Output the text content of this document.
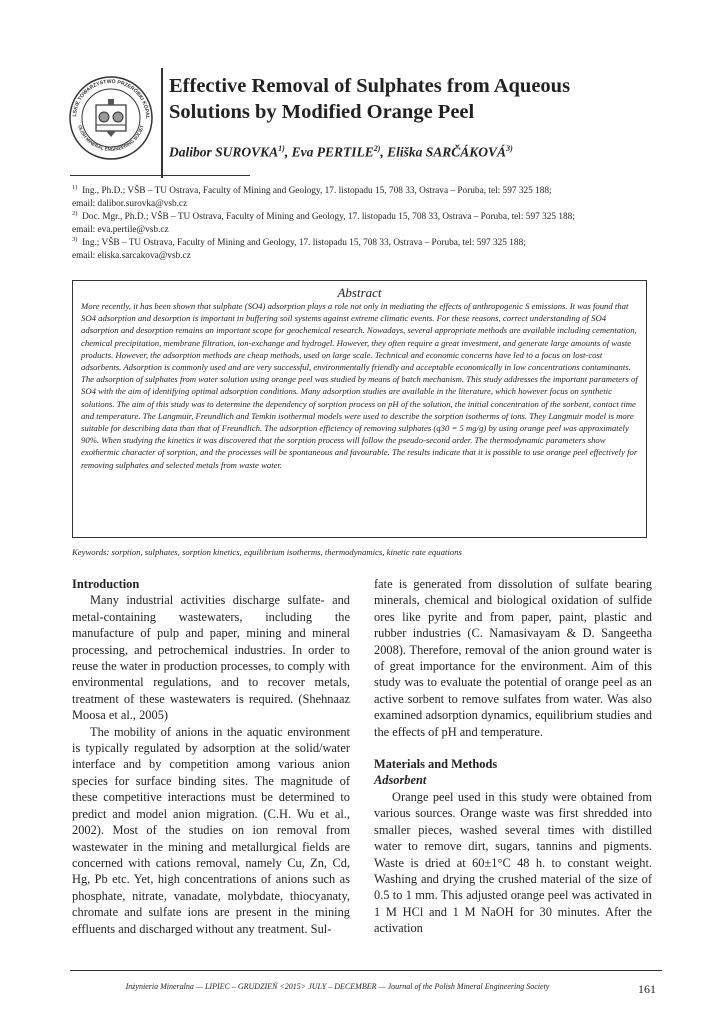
LSKIE TOWARZYSTWO PRZERÓBKI KOPAL
OLISH MINERAL ENGINEERING SOCIET
Effective Removal of Sulphates from Aqueous
Solutions by Modified Orange Peel
Dalibor SUROVKA$^{1)}$, Eva PERTILE$^{2)}$, Eliška SARČÁKOVÁ$^{3)}$
$^{1)}$ Ing., Ph.D.; VŠB – TU Ostrava, Faculty of Mining and Geology, 17. listopadu 15, 708 33, Ostrava – Poruba, tel: 597 325 188;
email: dalibor.surovka@vsb.cz
$^{2)}$ Doc. Mgr., Ph.D.; VŠB – TU Ostrava, Faculty of Mining and Geology, 17. listopadu 15, 708 33, Ostrava – Poruba, tel: 597 325 188;
email: eva.pertile@vsb.cz
$^{3)}$ Ing.; VŠB – TU Ostrava, Faculty of Mining and Geology, 17. listopadu 15, 708 33, Ostrava – Poruba, tel: 597 325 188;
email: eliska.sarcakova@vsb.cz
Abstract

More recently, it has been shown that sulphate (SO4) adsorption plays a role not only in mediating the effects of anthropogenic S emissions. It was found that SO4 adsorption and desorption is important in buffering soil systems against extreme climatic events. For these reasons, correct understanding of SO4 adsorption and desorption remains an important scope for geochemical research. Nowadays, several appropriate methods are available including cementation, chemical precipitation, membrane filtration, ion-exchange and hydrogel. However, they often require a great investment, and generate large amounts of waste products. However, the adsorption methods are cheap methods, used on large scale. Technical and economic concerns have led to a focus on lost-cost adsorbents. Adsorption is commonly used and are very successful, environmentally friendly and acceptable economically in low concentrations contaminants.

The adsorption of sulphates from water solution using orange peel was studied by means of batch mechanism. This study addresses the important parameters of SO4 with the aim of identifying optimal adsorption conditions. Many adsorption studies are available in the literature, which however focus on synthetic solutions. The aim of this study was to determine the dependency of sorption process on pH of the solution, the initial concentration of the sorbent, contact time and temperature. The Langmuir, Freundlich and Temkin isothermal models were used to describe the sorption isotherms of ions. They Langmuir model is more suitable for describing data than that of Freundlich. The adsorption efficiency of removing sulphates (q30 = 5 mg/g) by using orange peel was approximately 90%. When studying the kinetics it was discovered that the sorption process will follow the pseudo-second order. The thermodynamic parameters show exothermic character of sorption, and the processes will be spontaneous and favourable. The results indicate that it is possible to use orange peel effectively for removing sulphates and selected metals from waste water.

Keywords: sorption, sulphates, sorption kinetics, equilibrium isotherms, thermodynamics, kinetic rate equations

Introduction

Many industrial activities discharge sulfate- and metal-containing wastewaters, including the manufacture of pulp and paper, mining and mineral processing, and petrochemical industries. In order to reuse the water in production processes, to comply with environmental regulations, and to recover metals, treatment of these wastewaters is required. (Shehnaaz Moosa et al., 2005)

The mobility of anions in the aquatic environment is typically regulated by adsorption at the solid/water interface and by competition among various anion species for surface binding sites. The magnitude of these competitive interactions must be determined to predict and model anion migration. (C.H. Wu et al., 2002). Most of the studies on ion removal from wastewater in the mining and metallurgical fields are concerned with cations removal, namely Cu, Zn, Cd, Hg, Pb etc. Yet, high concentrations of anions such as phosphate, nitrate, vanadate, molybdate, thiocyanaty, chromate and sulfate ions are present in the mining effluents and discharged without any treatment. Sul-

fate is generated from dissolution of sulfate bearing minerals, chemical and biological oxidation of sulfide ores like pyrite and from paper, paint, plastic and rubber industries (C. Namasivayam & D. Sangeetha 2008). Therefore, removal of the anion ground water is of great importance for the environment. Aim of this study was to evaluate the potential of orange peel as an active sorbent to remove sulfates from water. Was also examined adsorption dynamics, equilibrium studies and the effects of pH and temperature.

Materials and Methods

Adsorbent

Orange peel used in this study were obtained from various sources. Orange waste was first shredded into smaller pieces, washed several times with distilled water to remove dirt, sugars, tannins and pigments. Waste is dried at 60±1°C 48 h. to constant weight. Washing and drying the crushed material of the size of 0.5 to 1 mm. This adjusted orange peel was activated in 1 M HCl and 1 M NaOH for 30 minutes. After the activation

Inżynieria Mineralna — LIPIEC – GRUDZIEŃ <2015> JULY – DECEMBER — Journal of the Polish Mineral Engineering Society	161
